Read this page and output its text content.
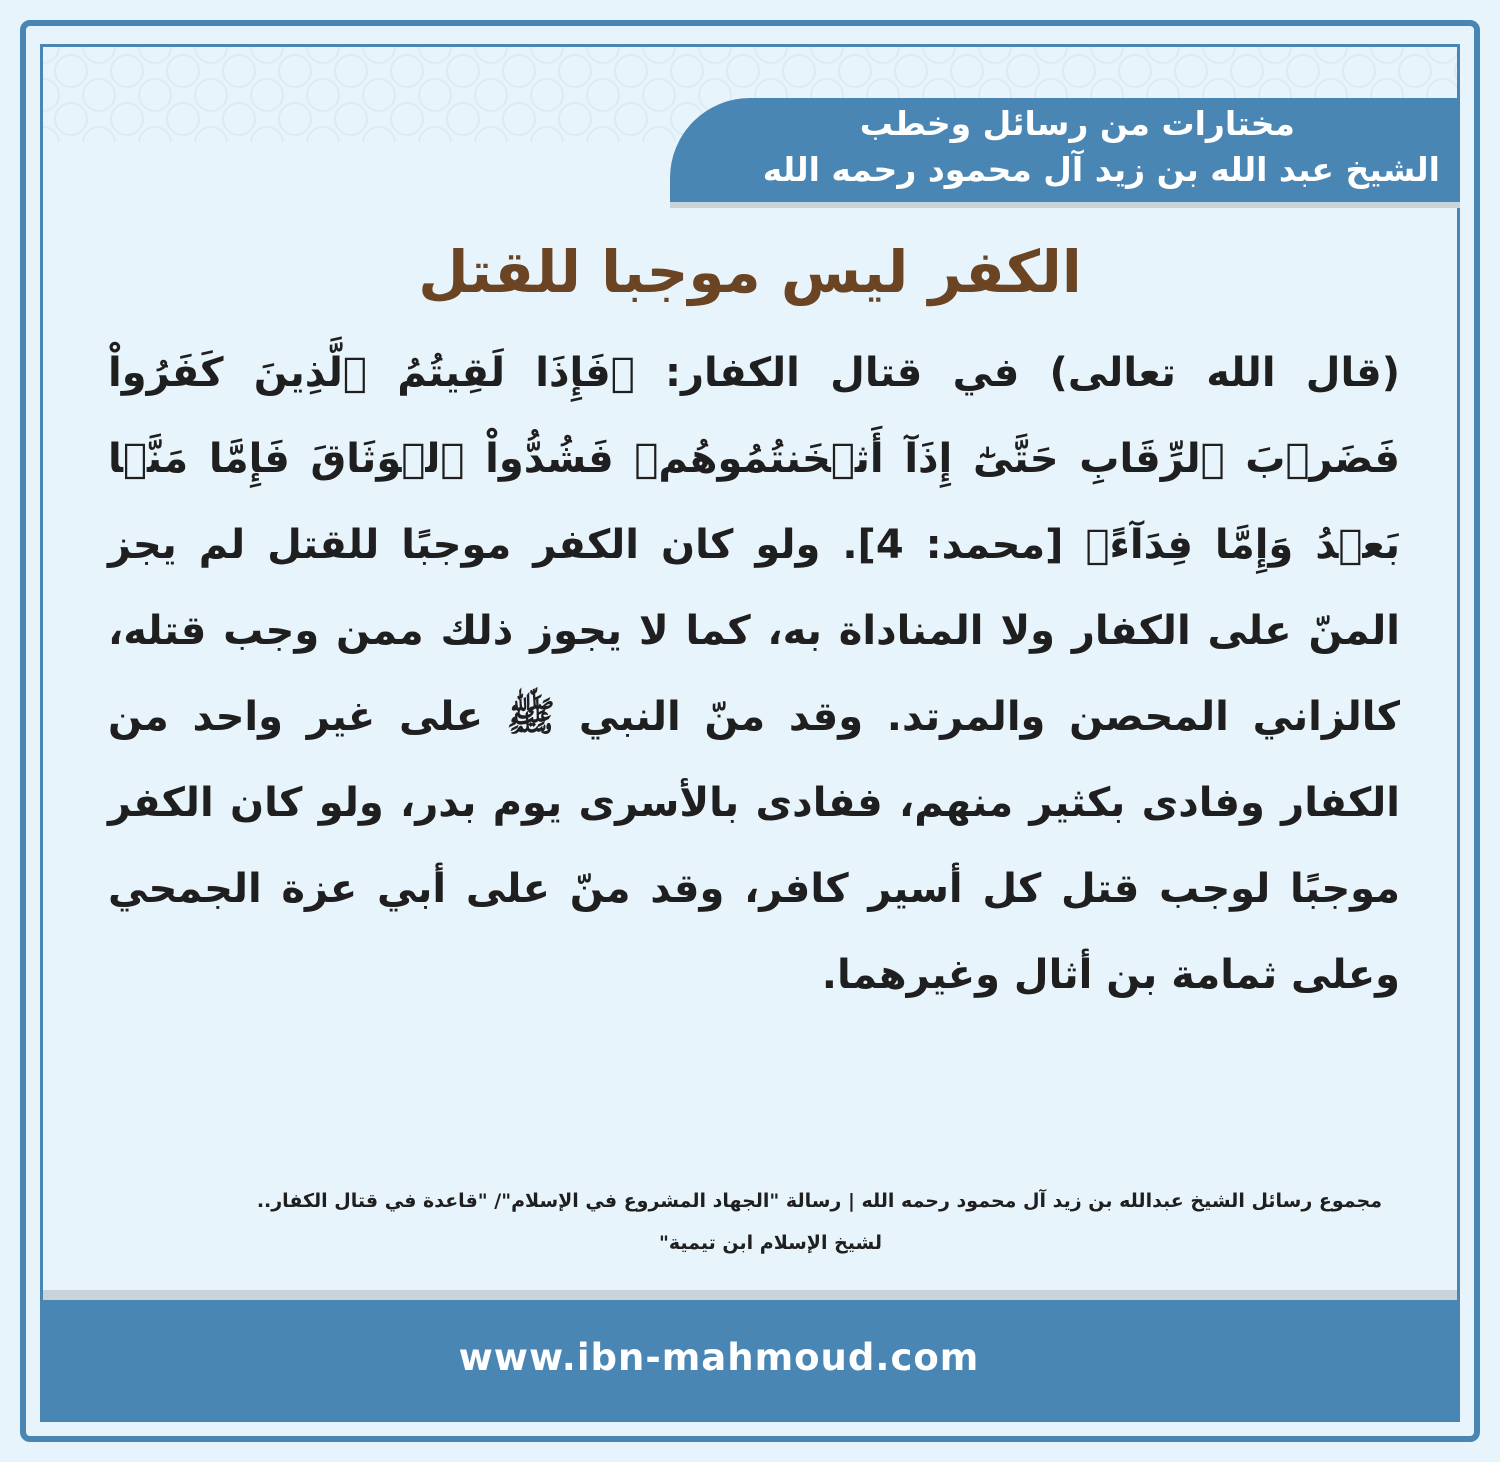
مختارات من رسائل وخطب
الشيخ عبد الله بن زيد آل محمود رحمه الله
الكفر ليس موجبا للقتل
(قال الله تعالى) في قتال الكفار: ﴿فَإِذَا لَقِيتُمُ ٱلَّذِينَ كَفَرُواْ فَضَرۡبَ ٱلرِّقَابِ حَتَّىٰٓ إِذَآ أَثۡخَنتُمُوهُمۡ فَشُدُّواْ ٱلۡوَثَاقَ فَإِمَّا مَنَّۢا بَعۡدُ وَإِمَّا فِدَآءً﴾ [محمد: 4]. ولو كان الكفر موجبًا للقتل لم يجز المنّ على الكفار ولا المناداة به، كما لا يجوز ذلك ممن وجب قتله، كالزاني المحصن والمرتد. وقد منّ النبي ﷺ على غير واحد من الكفار وفادى بكثير منهم، ففادى بالأسرى يوم بدر، ولو كان الكفر موجبًا لوجب قتل كل أسير كافر، وقد منّ على أبي عزة الجمحي وعلى ثمامة بن أثال وغيرهما.
مجموع رسائل الشيخ عبدالله بن زيد آل محمود رحمه الله | رسالة "الجهاد المشروع في الإسلام"/ "قاعدة في قتال الكفار..
لشيخ الإسلام ابن تيمية"
www.ibn-mahmoud.com
